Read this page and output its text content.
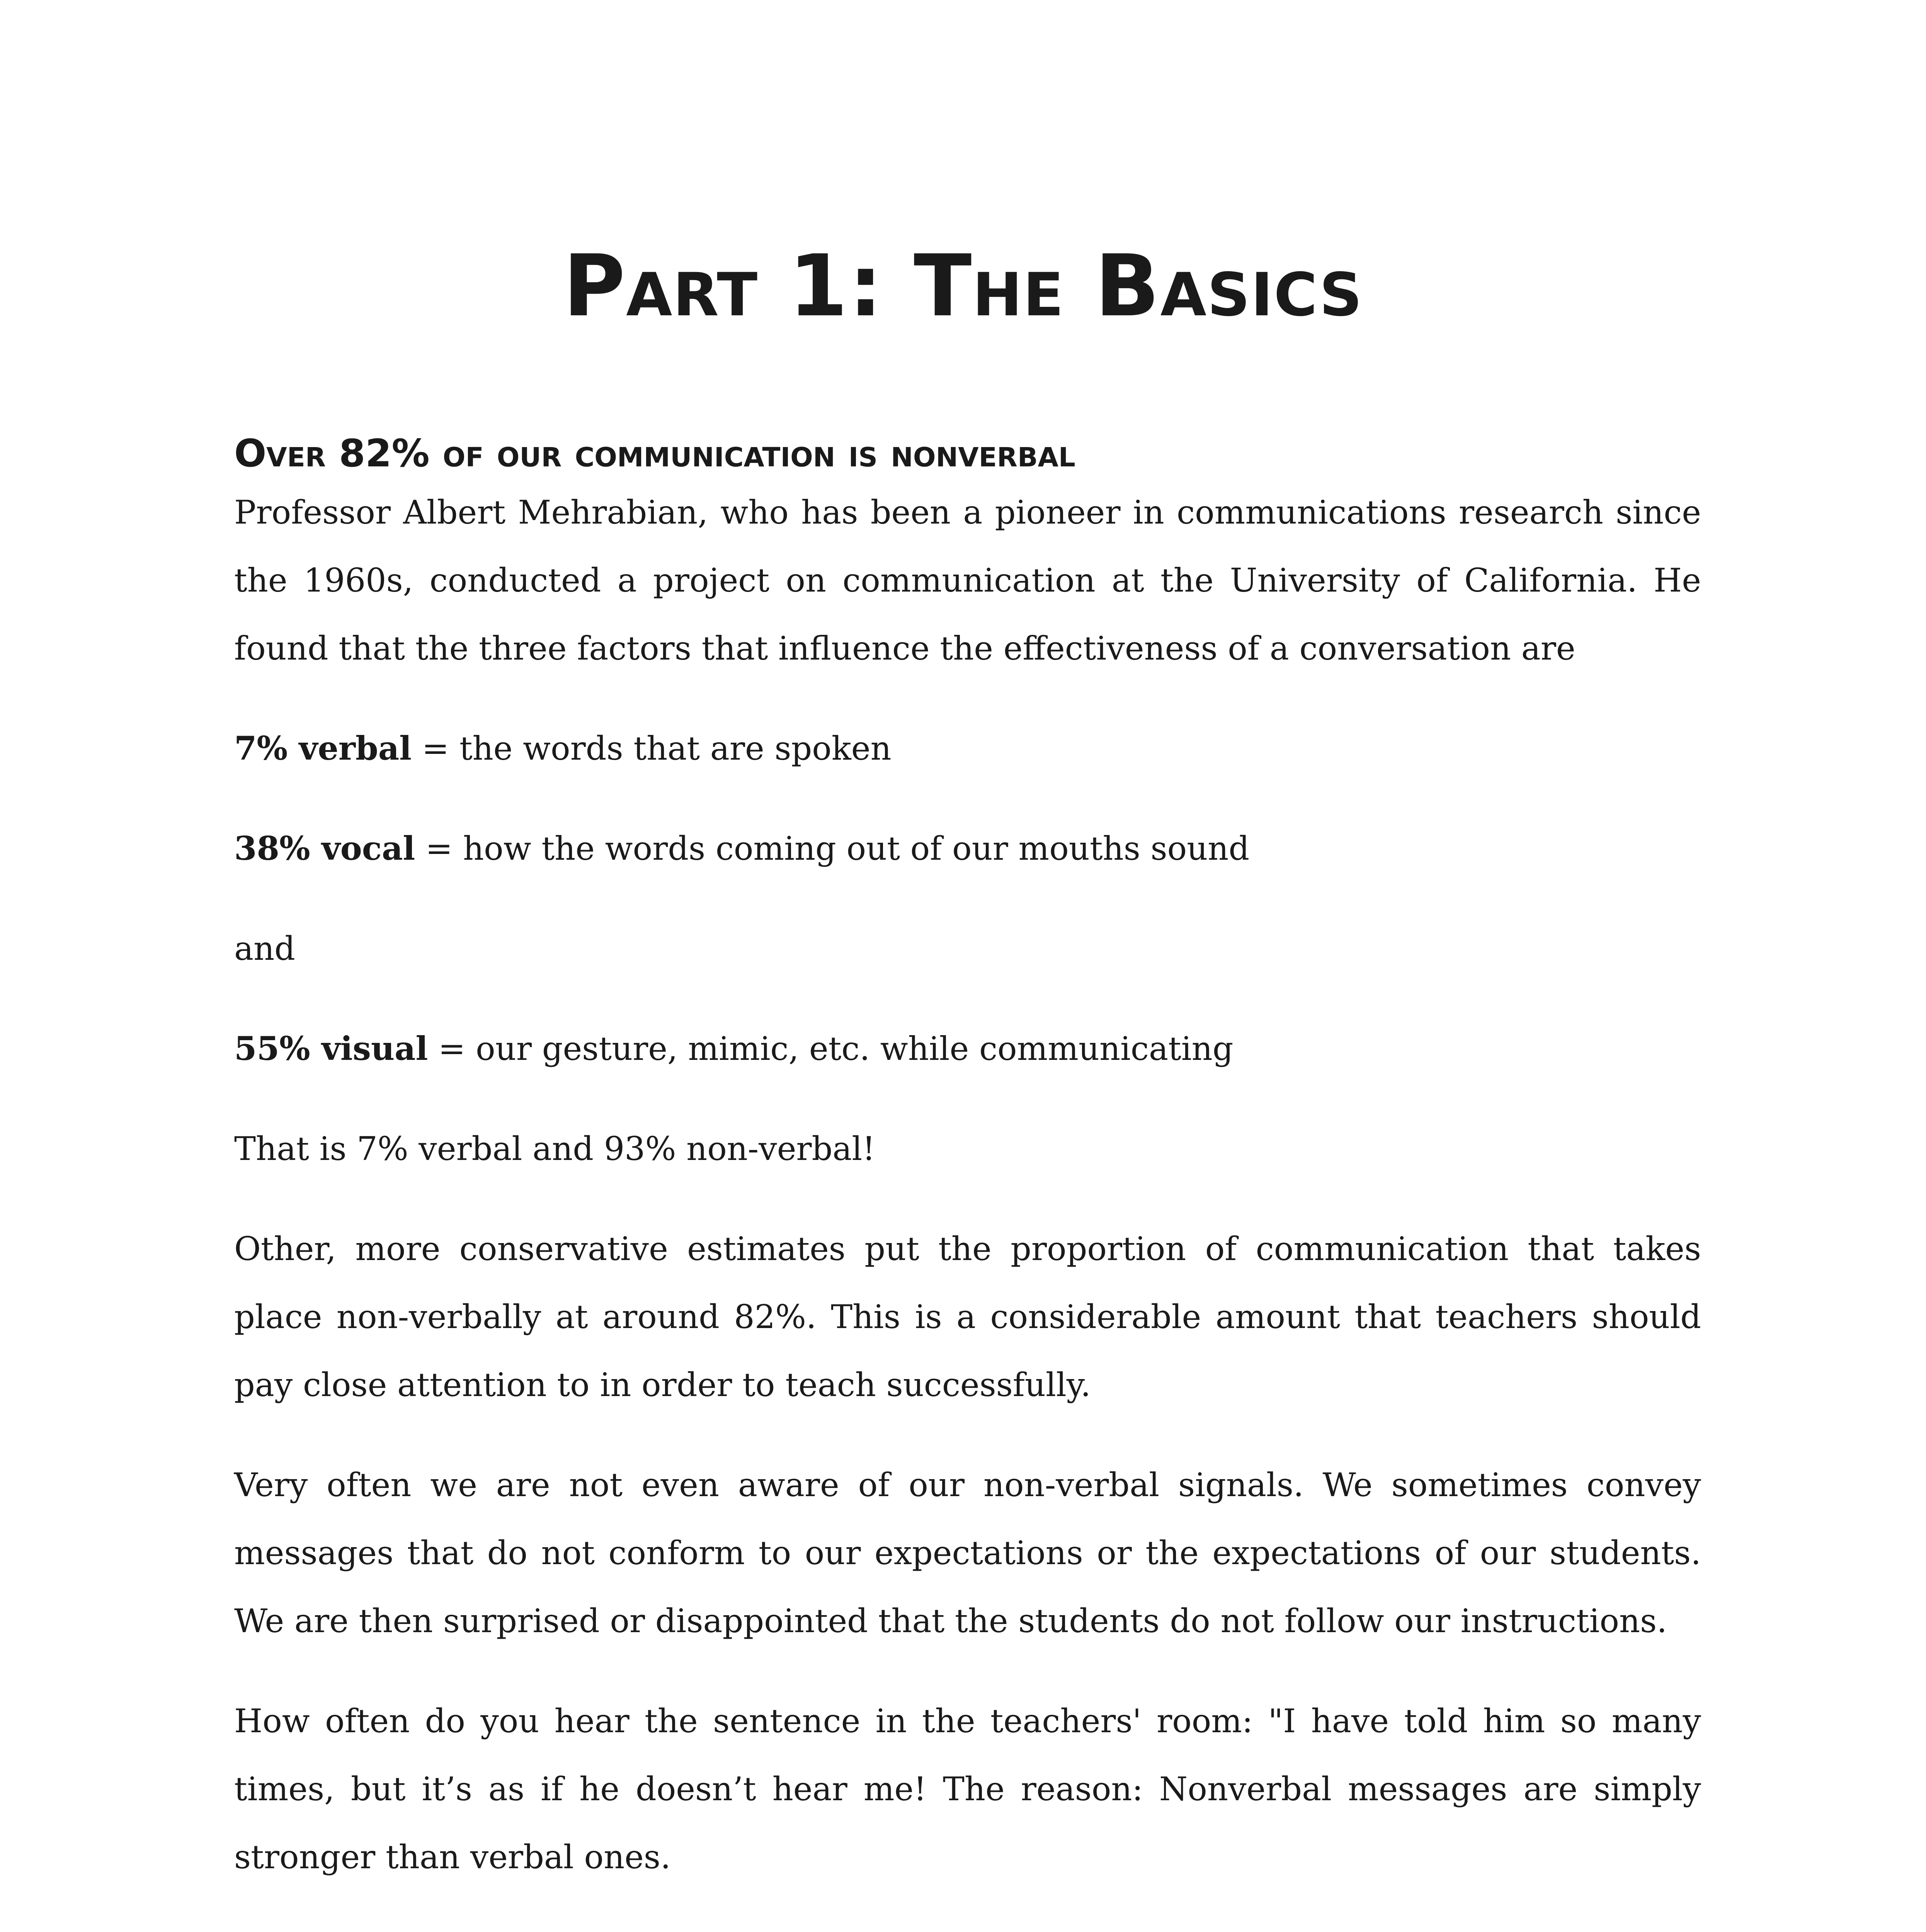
Part 1: The Basics
Over 82% of our communication is nonverbal

Professor Albert Mehrabian, who has been a pioneer in communications research since the 1960s, conducted a project on communication at the University of California. He found that the three factors that influence the effectiveness of a conversation are

7% verbal = the words that are spoken

38% vocal = how the words coming out of our mouths sound

and

55% visual = our gesture, mimic, etc. while communicating

That is 7% verbal and 93% non-verbal!

Other, more conservative estimates put the proportion of communication that takes place non-verbally at around 82%. This is a considerable amount that teachers should pay close attention to in order to teach successfully.

Very often we are not even aware of our non-verbal signals. We sometimes convey messages that do not conform to our expectations or the expectations of our students. We are then surprised or disappointed that the students do not follow our instructions.

How often do you hear the sentence in the teachers' room: "I have told him so many times, but it’s as if he doesn’t hear me! The reason: Nonverbal messages are simply stronger than verbal ones.
